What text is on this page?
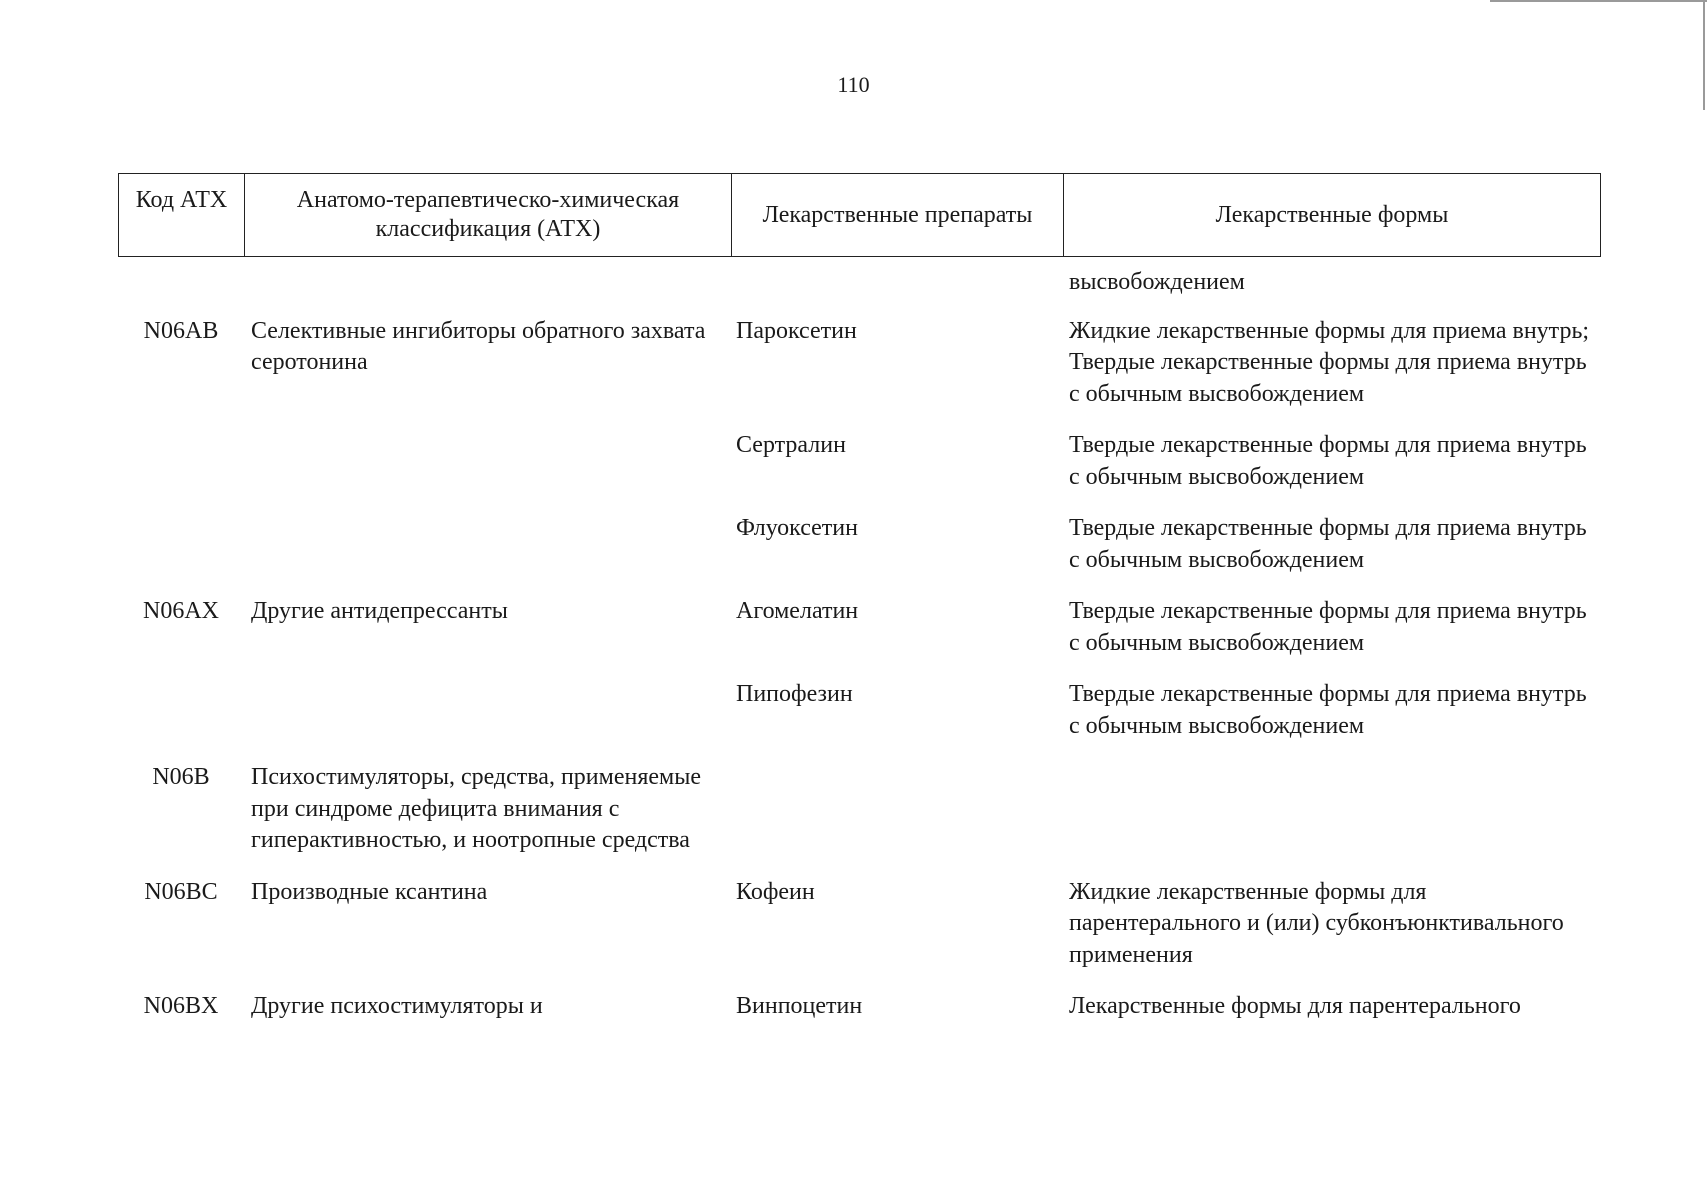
110
Код АТХ	Анатомо-терапевтическо-химическая классификация (АТХ)	Лекарственные препараты	Лекарственные формы

			высвобождением

N06AB	Селективные ингибиторы обратного захвата серотонина	Пароксетин	Жидкие лекарственные формы для приема внутрь;
Твердые лекарственные формы для приема внутрь с обычным высвобождением

		Сертралин	Твердые лекарственные формы для приема внутрь с обычным высвобождением

		Флуоксетин	Твердые лекарственные формы для приема внутрь с обычным высвобождением

N06AX	Другие антидепрессанты	Агомелатин	Твердые лекарственные формы для приема внутрь с обычным высвобождением

		Пипофезин	Твердые лекарственные формы для приема внутрь с обычным высвобождением

N06B	Психостимуляторы, средства, применяемые при синдроме дефицита внимания с гиперактивностью, и ноотропные средства		

N06BC	Производные ксантина	Кофеин	Жидкие лекарственные формы для парентерального и (или) субконъюнктивального применения

N06BX	Другие психостимуляторы и	Винпоцетин	Лекарственные формы для парентерального
